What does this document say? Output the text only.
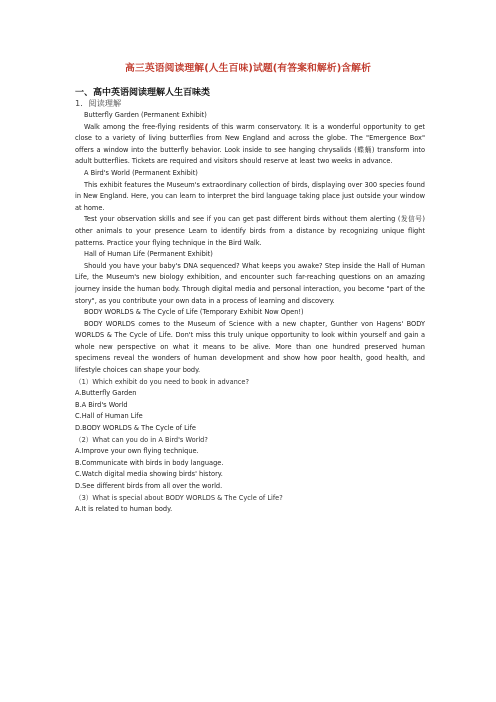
高三英语阅读理解(人生百味)试题(有答案和解析)含解析
一、高中英语阅读理解人生百味类
1．阅读理解

Butterfly Garden (Permanent Exhibit)

Walk among the free-flying residents of this warm conservatory. It is a wonderful opportunity to get close to a variety of living butterflies from New England and across the globe. The "Emergence Box" offers a window into the butterfly behavior. Look inside to see hanging chrysalids (蝶蛹) transform into adult butterflies. Tickets are required and visitors should reserve at least two weeks in advance.

A Bird's World (Permanent Exhibit)

This exhibit features the Museum's extraordinary collection of birds, displaying over 300 species found in New England. Here, you can learn to interpret the bird language taking place just outside your window at home.

Test your observation skills and see if you can get past different birds without them alerting (发信号) other animals to your presence Learn to identify birds from a distance by recognizing unique flight patterns. Practice your flying technique in the Bird Walk.

Hall of Human Life (Permanent Exhibit)

Should you have your baby's DNA sequenced? What keeps you awake? Step inside the Hall of Human Life, the Museum's new biology exhibition, and encounter such far-reaching questions on an amazing journey inside the human body. Through digital media and personal interaction, you become "part of the story", as you contribute your own data in a process of learning and discovery.

BODY WORLDS & The Cycle of Life (Temporary Exhibit Now Open!)

BODY WORLDS comes to the Museum of Science with a new chapter, Gunther von Hagens' BODY WORLDS & The Cycle of Life. Don't miss this truly unique opportunity to look within yourself and gain a whole new perspective on what it means to be alive. More than one hundred preserved human specimens reveal the wonders of human development and show how poor health, good health, and lifestyle choices can shape your body.

（1）Which exhibit do you need to book in advance?

A.Butterfly Garden

B.A Bird's World

C.Hall of Human Life

D.BODY WORLDS & The Cycle of Life

（2）What can you do in A Bird's World?

A.Improve your own flying technique.

B.Communicate with birds in body language.

C.Watch digital media showing birds' history.

D.See different birds from all over the world.

（3）What is special about BODY WORLDS & The Cycle of Life?

A.It is related to human body.
